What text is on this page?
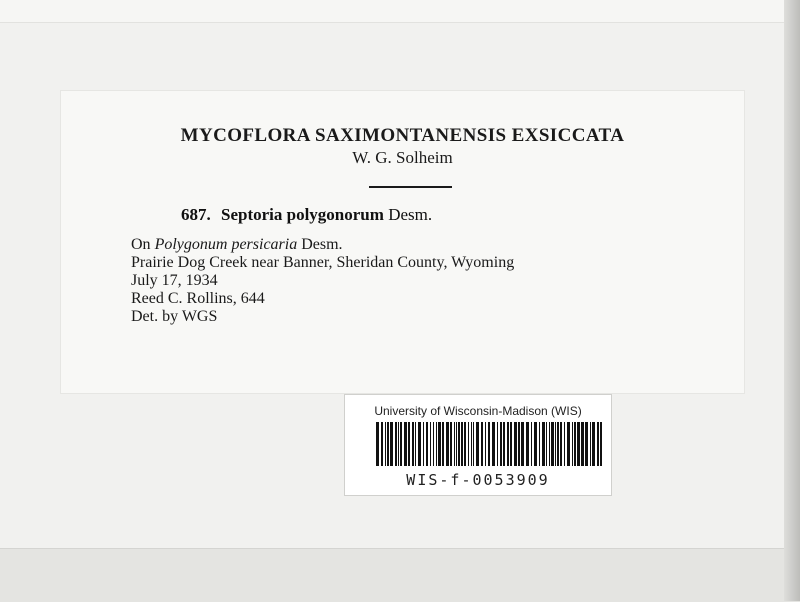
MYCOFLORA SAXIMONTANENSIS EXSICCATA
W. G. Solheim
687. Septoria polygonorum Desm.
On Polygonum persicaria Desm.
Prairie Dog Creek near Banner, Sheridan County, Wyoming
July 17, 1934
Reed C. Rollins, 644
Det. by WGS
University of Wisconsin-Madison (WIS)
WIS-f-0053909
